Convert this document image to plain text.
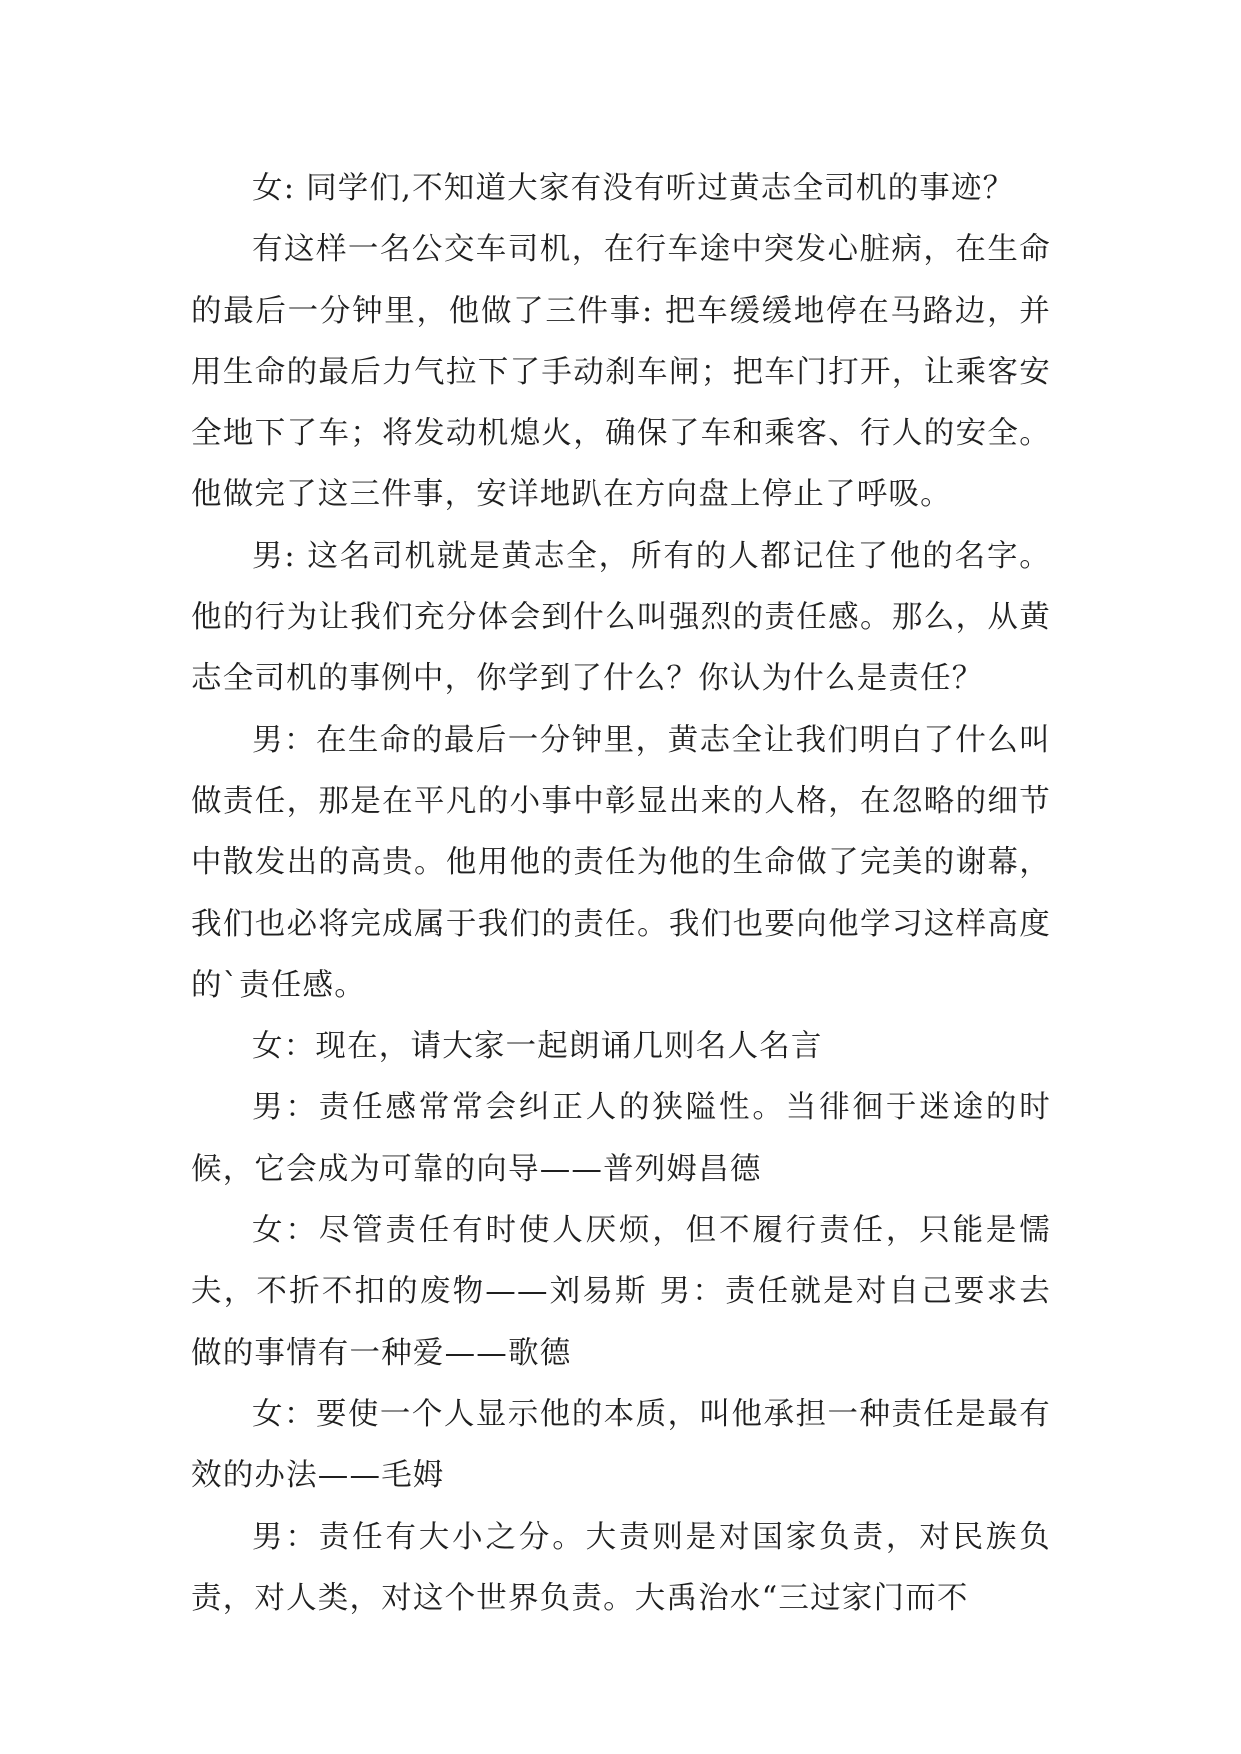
女: 同学们,不知道大家有没有听过黄志全司机的事迹？

有这样一名公交车司机，在行车途中突发心脏病，在生命的最后一分钟里，他做了三件事: 把车缓缓地停在马路边，并用生命的最后力气拉下了手动刹车闸；把车门打开，让乘客安全地下了车；将发动机熄火，确保了车和乘客、行人的安全。他做完了这三件事，安详地趴在方向盘上停止了呼吸。

男: 这名司机就是黄志全，所有的人都记住了他的名字。他的行为让我们充分体会到什么叫强烈的责任感。那么，从黄志全司机的事例中，你学到了什么？你认为什么是责任？

男：在生命的最后一分钟里，黄志全让我们明白了什么叫做责任，那是在平凡的小事中彰显出来的人格，在忽略的细节中散发出的高贵。他用他的责任为他的生命做了完美的谢幕，我们也必将完成属于我们的责任。我们也要向他学习这样高度的`责任感。

女：现在，请大家一起朗诵几则名人名言

男：责任感常常会纠正人的狭隘性。当徘徊于迷途的时候，它会成为可靠的向导——普列姆昌德

女：尽管责任有时使人厌烦，但不履行责任，只能是懦夫，不折不扣的废物——刘易斯 男：责任就是对自己要求去做的事情有一种爱——歌德

女：要使一个人显示他的本质，叫他承担一种责任是最有效的办法——毛姆

男：责任有大小之分。大责则是对国家负责，对民族负责，对人类，对这个世界负责。大禹治水“三过家门而不
